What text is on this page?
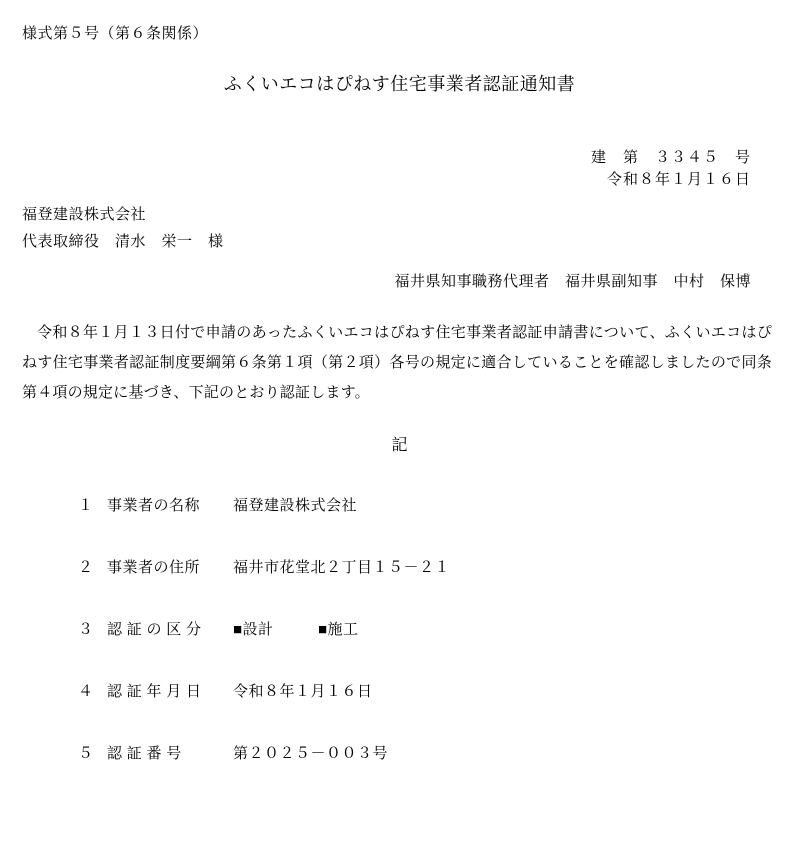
様式第５号（第６条関係）
ふくいエコはぴねす住宅事業者認証通知書
建　第　３３４５　号
令和８年１月１６日
福登建設株式会社
代表取締役　清水　栄一　様
福井県知事職務代理者　福井県副知事　中村　保博
令和８年１月１３日付で申請のあったふくいエコはぴねす住宅事業者認証申請書について、ふくいエコはぴねす住宅事業者認証制度要綱第６条第１項（第２項）各号の規定に適合していることを確認しましたので同条第４項の規定に基づき、下記のとおり認証します。
記
１ 事業者の名称 福登建設株式会社
２ 事業者の住所 福井市花堂北２丁目１５－２１
３ 認 証 の 区 分 ■設計	■施工
４ 認 証 年 月 日 令和８年１月１６日
５ 認 証 番 号	第２０２５－００３号
